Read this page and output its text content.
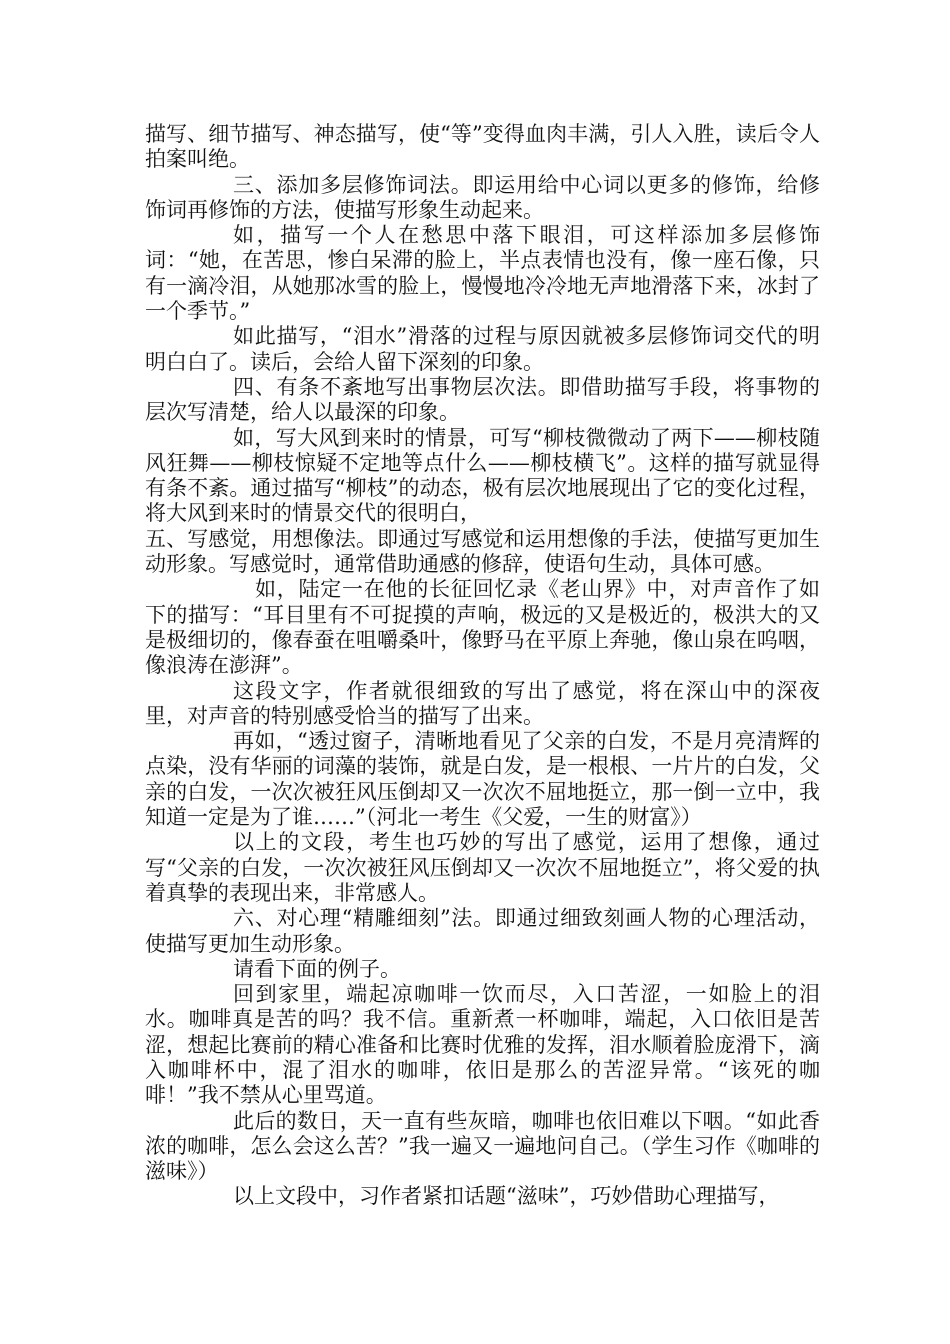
描写、细节描写、神态描写，使“等”变得血肉丰满，引人入胜，读后令人拍案叫绝。

三、添加多层修饰词法。即运用给中心词以更多的修饰，给修饰词再修饰的方法，使描写形象生动起来。

如，描写一个人在愁思中落下眼泪，可这样添加多层修饰词：“她，在苦思，惨白呆滞的脸上，半点表情也没有，像一座石像，只有一滴冷泪，从她那冰雪的脸上，慢慢地冷冷地无声地滑落下来，冰封了一个季节。”

如此描写，“泪水”滑落的过程与原因就被多层修饰词交代的明明白白了。读后，会给人留下深刻的印象。

四、有条不紊地写出事物层次法。即借助描写手段，将事物的层次写清楚，给人以最深的印象。

如，写大风到来时的情景，可写“柳枝微微动了两下——柳枝随风狂舞——柳枝惊疑不定地等点什么——柳枝横飞”。这样的描写就显得有条不紊。通过描写“柳枝”的动态，极有层次地展现出了它的变化过程，将大风到来时的情景交代的很明白，

五、写感觉，用想像法。即通过写感觉和运用想像的手法，使描写更加生动形象。写感觉时，通常借助通感的修辞，使语句生动，具体可感。

如，陆定一在他的长征回忆录《老山界》中，对声音作了如下的描写：“耳目里有不可捉摸的声响，极远的又是极近的，极洪大的又是极细切的，像春蚕在咀嚼桑叶，像野马在平原上奔驰，像山泉在呜咽，像浪涛在澎湃”。

这段文字，作者就很细致的写出了感觉，将在深山中的深夜里，对声音的特别感受恰当的描写了出来。

再如，“透过窗子，清晰地看见了父亲的白发，不是月亮清辉的点染，没有华丽的词藻的装饰，就是白发，是一根根、一片片的白发，父亲的白发，一次次被狂风压倒却又一次次不屈地挺立，那一倒一立中，我知道一定是为了谁……”（河北一考生《父爱，一生的财富》）

以上的文段，考生也巧妙的写出了感觉，运用了想像，通过写“父亲的白发，一次次被狂风压倒却又一次次不屈地挺立”，将父爱的执着真挚的表现出来，非常感人。

六、对心理“精雕细刻”法。即通过细致刻画人物的心理活动，使描写更加生动形象。

请看下面的例子。

回到家里，端起凉咖啡一饮而尽，入口苦涩，一如脸上的泪水。咖啡真是苦的吗？我不信。重新煮一杯咖啡，端起，入口依旧是苦涩，想起比赛前的精心准备和比赛时优雅的发挥，泪水顺着脸庞滑下，滴入咖啡杯中，混了泪水的咖啡，依旧是那么的苦涩异常。“该死的咖啡！”我不禁从心里骂道。

此后的数日，天一直有些灰暗，咖啡也依旧难以下咽。“如此香浓的咖啡，怎么会这么苦？”我一遍又一遍地问自己。（学生习作《咖啡的滋味》）

以上文段中，习作者紧扣话题“滋味”，巧妙借助心理描写，
